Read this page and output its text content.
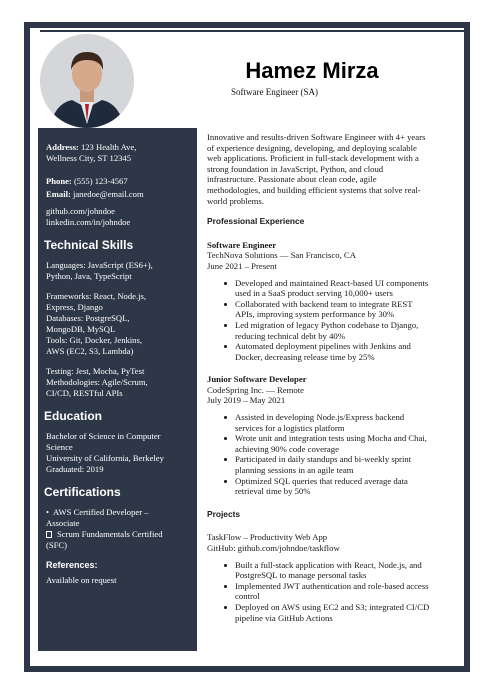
Hamez Mirza
Software Engineer (SA)
Address: 123 Health Ave,
Wellness City, ST 12345
Phone: (555) 123-4567
Email: janedoe@email.com
github.com/johndoe
linkedin.com/in/johndoe
Technical Skills
Languages: JavaScript (ES6+),
Python, Java, TypeScript
Frameworks: React, Node.js,
Express, Django
Databases: PostgreSQL,
MongoDB, MySQL
Tools: Git, Docker, Jenkins,
AWS (EC2, S3, Lambda)
Testing: Jest, Mocha, PyTest
Methodologies: Agile/Scrum,
CI/CD, RESTful APIs
Education
Bachelor of Science in Computer
Science
University of California, Berkeley
Graduated: 2019
Certifications
• AWS Certified Developer –
Associate
Scrum Fundamentals Certified
(SFC)
References:
Available on request
Innovative and results-driven Software Engineer with 4+ years
of experience designing, developing, and deploying scalable
web applications. Proficient in full-stack development with a
strong foundation in JavaScript, Python, and cloud
infrastructure. Passionate about clean code, agile
methodologies, and building efficient systems that solve real-
world problems.
Professional Experience
Software Engineer
TechNova Solutions — San Francisco, CA
June 2021 – Present
Developed and maintained React-based UI components
used in a SaaS product serving 10,000+ users
Collaborated with backend team to integrate REST
APIs, improving system performance by 30%
Led migration of legacy Python codebase to Django,
reducing technical debt by 40%
Automated deployment pipelines with Jenkins and
Docker, decreasing release time by 25%
Junior Software Developer
CodeSpring Inc. — Remote
July 2019 – May 2021
Assisted in developing Node.js/Express backend
services for a logistics platform
Wrote unit and integration tests using Mocha and Chai,
achieving 90% code coverage
Participated in daily standups and bi-weekly sprint
planning sessions in an agile team
Optimized SQL queries that reduced average data
retrieval time by 50%
Projects
TaskFlow – Productivity Web App
GitHub: github.com/johndoe/taskflow
Built a full-stack application with React, Node.js, and
PostgreSQL to manage personal tasks
Implemented JWT authentication and role-based access
control
Deployed on AWS using EC2 and S3; integrated CI/CD
pipeline via GitHub Actions
